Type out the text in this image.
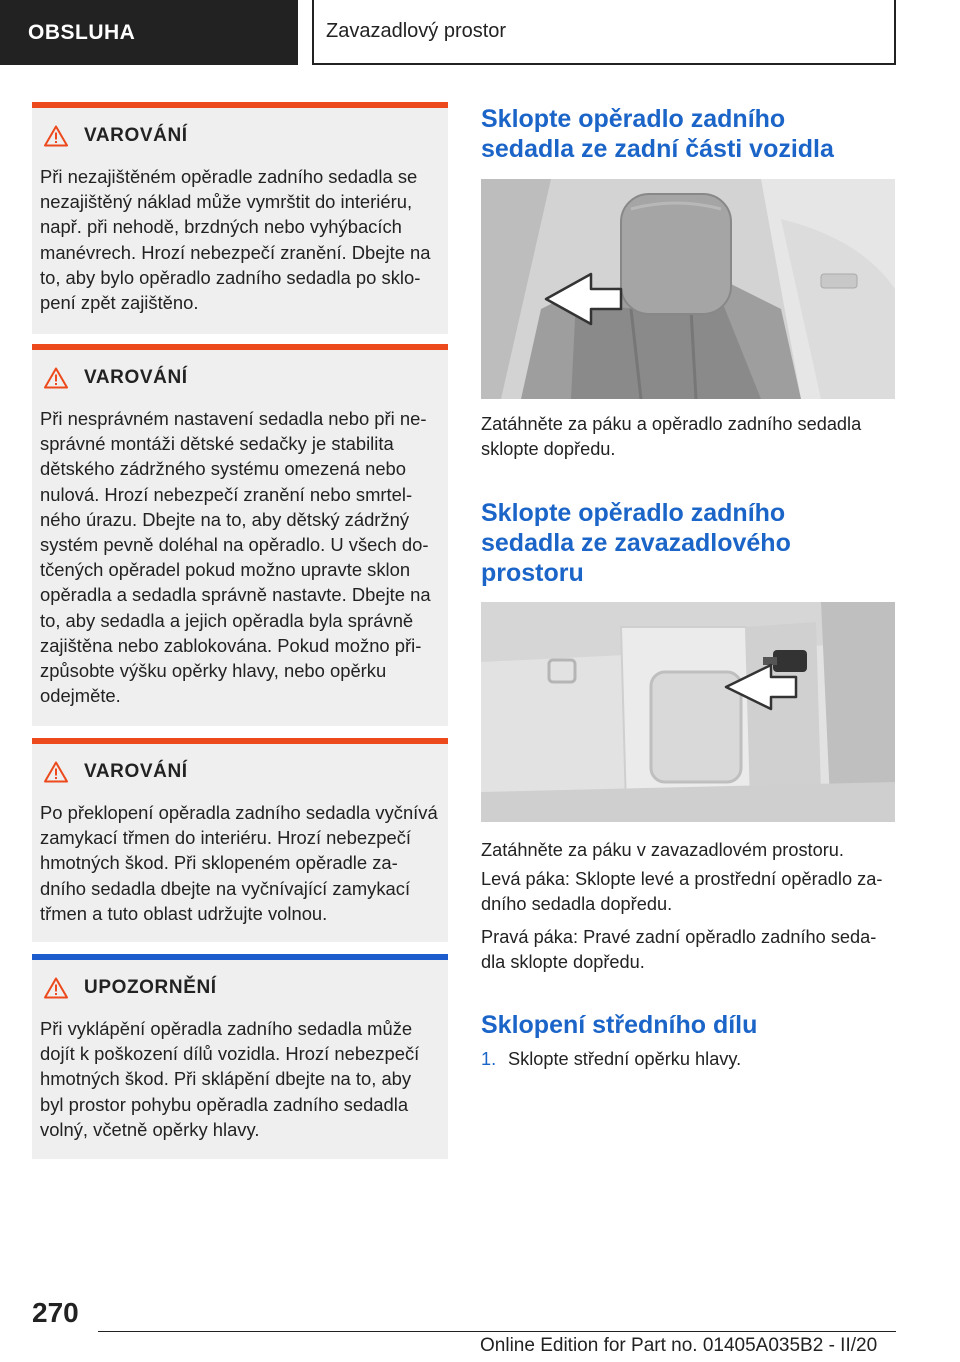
OBSLUHA	Zavazadlový prostor
VAROVÁNÍ

Při nezajištěném opěradle zadního sedadla se

nezajištěný náklad může vymrštit do interiéru,

např. při nehodě, brzdných nebo vyhýbacích

manévrech. Hrozí nebezpečí zranění. Dbejte na

to, aby bylo opěradlo zadního sedadla po sklo‐

pení zpět zajištěno.

VAROVÁNÍ

Při nesprávném nastavení sedadla nebo při ne‐

správné montáži dětské sedačky je stabilita

dětského zádržného systému omezená nebo

nulová. Hrozí nebezpečí zranění nebo smrtel‐

ného úrazu. Dbejte na to, aby dětský zádržný

systém pevně doléhal na opěradlo. U všech do‐

tčených opěradel pokud možno upravte sklon

opěradla a sedadla správně nastavte. Dbejte na

to, aby sedadla a jejich opěradla byla správně

zajištěna nebo zablokována. Pokud možno při‐

způsobte výšku opěrky hlavy, nebo opěrku

odejměte.

VAROVÁNÍ

Po překlopení opěradla zadního sedadla vyčnívá

zamykací třmen do interiéru. Hrozí nebezpečí

hmotných škod. Při sklopeném opěradle za‐

dního sedadla dbejte na vyčnívající zamykací

třmen a tuto oblast udržujte volnou.

UPOZORNĚNÍ

Při vyklápění opěradla zadního sedadla může

dojít k poškození dílů vozidla. Hrozí nebezpečí

hmotných škod. Při sklápění dbejte na to, aby

byl prostor pohybu opěradla zadního sedadla

volný, včetně opěrky hlavy.

Sklopte opěradlo zadního
sedadla ze zadní části vozidla

Zatáhněte za páku a opěradlo zadního sedadla
sklopte dopředu.

Sklopte opěradlo zadního
sedadla ze zavazadlového
prostoru

Zatáhněte za páku v zavazadlovém prostoru.

Levá páka: Sklopte levé a prostřední opěradlo za‐
dního sedadla dopředu.

Pravá páka: Pravé zadní opěradlo zadního seda‐
dla sklopte dopředu.

Sklopení středního dílu
1. Sklopte střední opěrku hlavy.
270
Online Edition for Part no. 01405A035B2 - II/20
